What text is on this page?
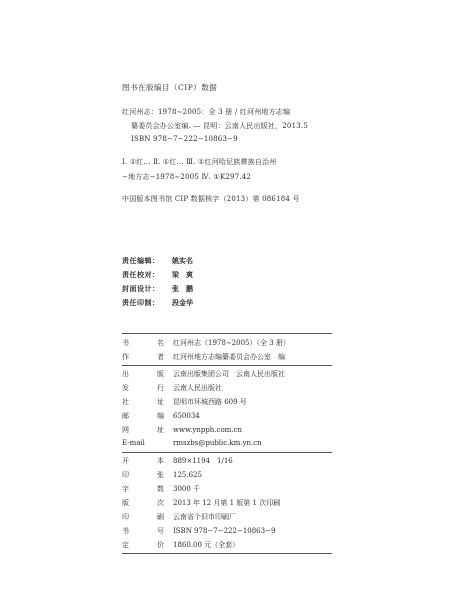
图书在版编目（CIP）数据
红河州志：1978∼2005：全 3 册 / 红河州地方志编
纂委员会办公室编. — 昆明：云南人民出版社，2013.5
ISBN 978−7−222−10863−9
Ⅰ. ①红… Ⅱ. ①红… Ⅲ. ①红河哈尼族彝族自治州
−地方志−1978∼2005 Ⅳ. ①K297.42
中国版本图书馆 CIP 数据核字（2013）第 086184 号
责任编辑： 姚实名
责任校对： 梁　爽
封面设计： 张　鹏
责任印制： 段金华
书名 红河州志（1978∼2005）（全 3 册）
作者 红河州地方志编纂委员会办公室　编
出版 云南出版集团公司　云南人民出版社
发行 云南人民出版社
社址 昆明市环城西路 609 号
邮编 650034
网址 www.ynpph.com.cn
E-mail	rmszbs@public.km.yn.cn
开本 889×1194　1/16
印张 125.625
字数 3000 千
版次 2013 年 12 月第 1 版第 1 次印刷
印刷 云南省个旧市印刷厂
书号 ISBN 978−7−222−10863−9
定价 1860.00 元（全套）
